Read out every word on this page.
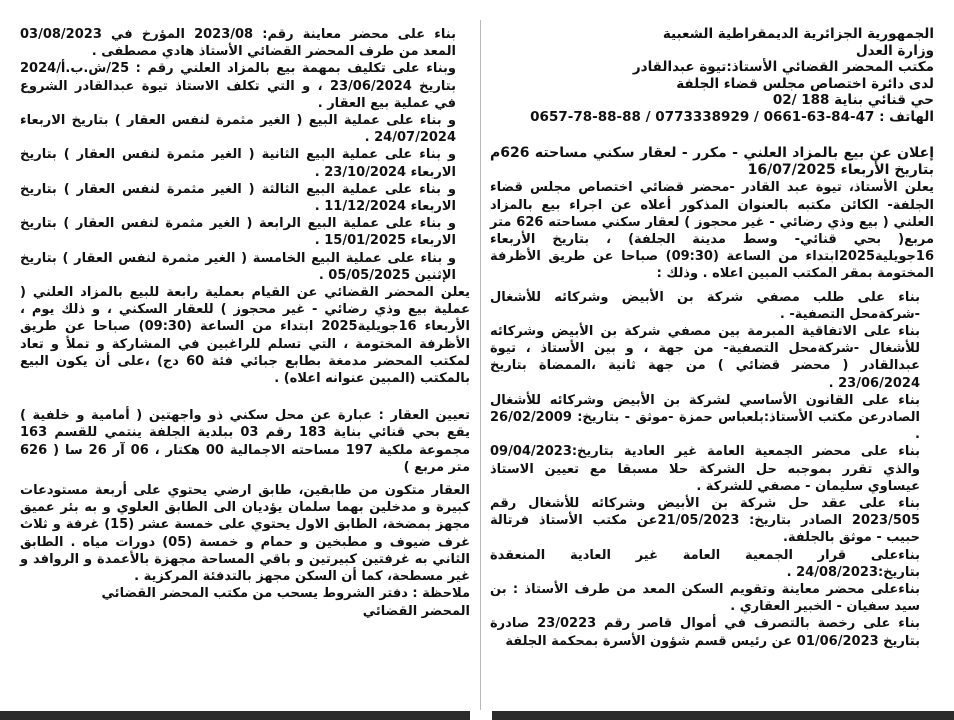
الجمهورية الجزائرية الديمقراطية الشعبية

وزارة العدل

مكتب المحضر القضائي الأستاذ:تيوة عبدالقادر

لدى دائرة اختصاص مجلس قضاء الجلفة

حي قنائي بناية 188 /02

الهاتف : 47-84-63-0661 / 0773338929 / 88-88-78-0657

إعلان عن بيع بالمزاد العلني - مكرر - لعقار سكني مساحته 626م بتاريخ الأربعاء 16/07/2025

يعلن الأستاذ، تيوة عبد القادر -محضر قضائي اختصاص مجلس قضاء الجلفة- الكائن مكتبه بالعنوان المذكور أعلاه عن اجراء بيع بالمزاد العلني ( بيع وذي رضائي - غير محجوز ) لعقار سكني مساحته 626 متر مربع( بحي قنائي- وسط مدينة الجلفة) ، بتاريخ الأربعاء 16جويلية2025ابتداء من الساعة (09:30) صباحا عن طريق الأظرفة المختومة بمقر المكتب المبين اعلاه . وذلك :

بناء على طلب مصفي شركة بن الأبيض وشركائه للأشغال -شركةمحل التصفية- .

بناء على الاتفاقية المبرمة بين مصفي شركة بن الأبيض وشركائه للأشغال -شركةمحل التصفية- من جهة ، و بين الأستاذ ، تيوة عبدالقادر ( محضر قضائي ) من جهة ثانية ،الممضاة بتاريخ 23/06/2024 .

بناء على القانون الأساسي لشركة بن الأبيض وشركائه للأشغال الصادرعن مكتب الأستاذ:بلعباس حمزة -موثق - بتاريخ: 26/02/2009 .

بناء على محضر الجمعية العامة غير العادية بتاريخ:09/04/2023 والذي تقرر بموجبه حل الشركة حلا مسبقا مع تعيين الاستاذ عيساوي سليمان - مصفي للشركة .

بناء على عقد حل شركة بن الأبيض وشركائه للأشغال رقم 2023/505 الصادر بتاريخ: 21/05/2023عن مكتب الأستاذ فرتالة حبيب - موثق بالجلفة.

بناءعلى قرار الجمعية العامة غير العادية المنعقدة بتاريخ:24/08/2023 .

بناءعلى محضر معاينة وتقويم السكن المعد من طرف الأستاذ : بن سيد سفيان - الخبير العقاري .

بناء على رخصة بالتصرف في أموال قاصر رقم 23/0223 صادرة بتاريخ 01/06/2023 عن رئيس قسم شؤون الأسرة بمحكمة الجلفة

بناء على محضر معاينة رقم: 2023/08 المؤرخ في 03/08/2023 المعد من طرف المحضر القضائي الأستاذ هادي مصطفى .

وبناء على تكليف بمهمة بيع بالمزاد العلني رقم : 25/ش.ب.أ/2024 بتاريخ 23/06/2024 ، و التي تكلف الاستاذ تيوة عبدالقادر الشروع في عملية بيع العقار .

و بناء على عملية البيع ( الغير مثمرة لنفس العقار ) بتاريخ الاربعاء 24/07/2024 .

و بناء على عملية البيع الثانية ( الغير مثمرة لنفس العقار ) بتاريخ الاربعاء 23/10/2024 .

و بناء على عملية البيع الثالثة ( الغير مثمرة لنفس العقار ) بتاريخ الاربعاء 11/12/2024 .

و بناء على عملية البيع الرابعة ( الغير مثمرة لنفس العقار ) بتاريخ الاربعاء 15/01/2025 .

و بناء على عملية البيع الخامسة ( الغير مثمرة لنفس العقار ) بتاريخ الإثنين 05/05/2025 .

يعلن المحضر القضائي عن القيام بعملية رابعة للبيع بالمزاد العلني ( عملية بيع وذي رضائي - غير محجوز ) للعقار السكني ، و ذلك يوم ، الأربعاء 16جويلية2025 ابتداء من الساعة (09:30) صباحا عن طريق الأظرفة المختومة ، التي تسلم للراغبين في المشاركة و تملأ و تعاد لمكتب المحضر مدمغة بطابع جبائي فئة 60 دج) ،على أن يكون البيع بالمكتب (المبين عنوانه اعلاه) .

تعيين العقار : عبارة عن محل سكني ذو واجهتين ( أمامية و خلفية ) يقع بحي قنائي بناية 183 رقم 03 ببلدية الجلفة ينتمي للقسم 163 مجموعة ملكية 197 مساحته الاجمالية 00 هكتار ، 06 آر 26 سا ( 626 متر مربع )

العقار متكون من طابقين، طابق ارضي يحتوي على أربعة مستودعات كبيرة و مدخلين بهما سلمان يؤديان الى الطابق العلوي و به بئر عميق مجهز بمضخة، الطابق الاول يحتوي على خمسة عشر (15) غرفة و ثلاث غرف ضيوف و مطبخين و حمام و خمسة (05) دورات مياه . الطابق الثاني به غرفتين كبيرتين و باقي المساحة مجهزة بالأعمدة و الروافد و غير مسطحة، كما أن السكن مجهز بالتدفئة المركزية .

ملاحظة : دفتر الشروط يسحب من مكتب المحضر القضائي

المحضر القضائي
